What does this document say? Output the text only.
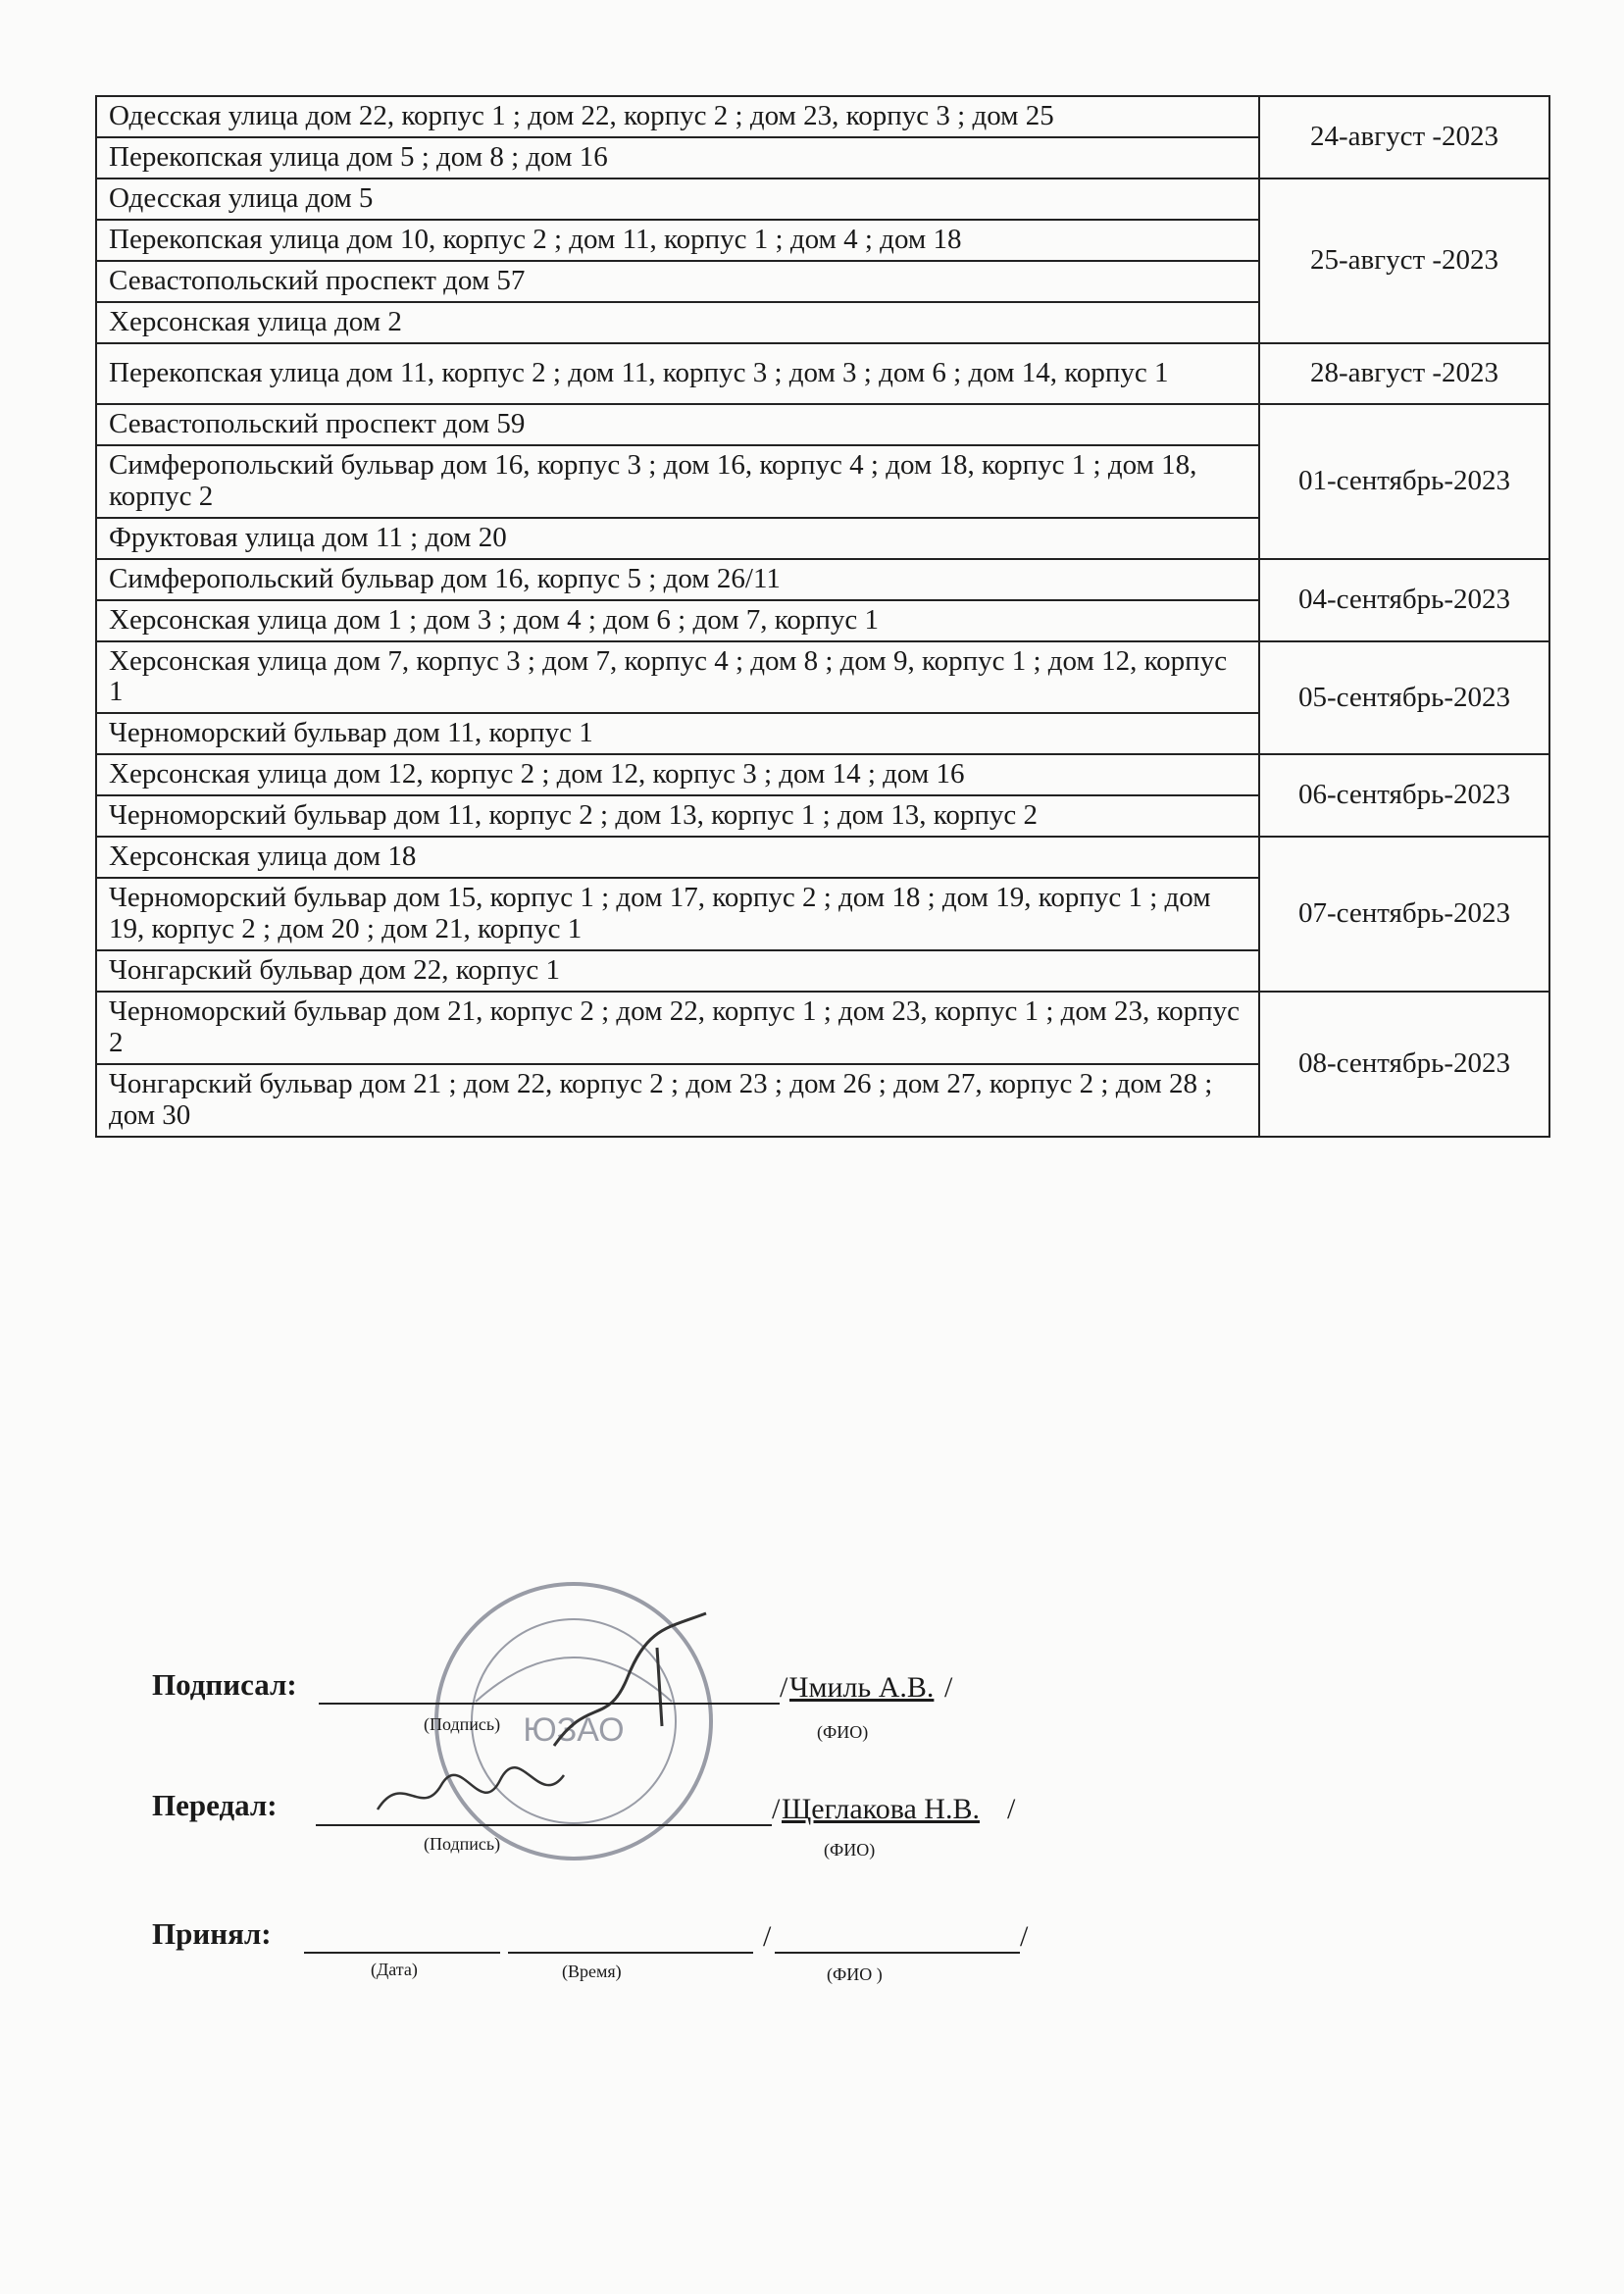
Одесская улица дом 22, корпус 1 ; дом 22, корпус 2 ; дом 23, корпус 3 ; дом 25	24-август -2023
Перекопская улица дом 5 ; дом 8 ; дом 16	
Одесская улица дом 5	25-август -2023
Перекопская улица дом 10, корпус 2 ; дом 11, корпус 1 ; дом 4 ; дом 18	
Севастопольский проспект дом 57	
Херсонская улица дом 2	
Перекопская улица дом 11, корпус 2 ; дом 11, корпус 3 ; дом 3 ; дом 6 ; дом 14, корпус 1	28-август -2023
Севастопольский проспект дом 59	01-сентябрь-2023
Симферопольский бульвар дом 16, корпус 3 ; дом 16, корпус 4 ; дом 18, корпус 1 ; дом 18, корпус 2	
Фруктовая улица дом 11 ; дом 20	
Симферопольский бульвар дом 16, корпус 5 ; дом 26/11	04-сентябрь-2023
Херсонская улица дом 1 ; дом 3 ; дом 4 ; дом 6 ; дом 7, корпус 1	
Херсонская улица дом 7, корпус 3 ; дом 7, корпус 4 ; дом 8 ; дом 9, корпус 1 ; дом 12, корпус 1	05-сентябрь-2023
Черноморский бульвар дом 11, корпус 1	
Херсонская улица дом 12, корпус 2 ; дом 12, корпус 3 ; дом 14 ; дом 16	06-сентябрь-2023
Черноморский бульвар дом 11, корпус 2 ; дом 13, корпус 1 ; дом 13, корпус 2	
Херсонская улица дом 18	07-сентябрь-2023
Черноморский бульвар дом 15, корпус 1 ; дом 17, корпус 2 ; дом 18 ; дом 19, корпус 1 ; дом 19, корпус 2 ; дом 20 ; дом 21, корпус 1	
Чонгарский бульвар дом 22, корпус 1	
Черноморский бульвар дом 21, корпус 2 ; дом 22, корпус 1 ; дом 23, корпус 1 ; дом 23, корпус 2	08-сентябрь-2023
Чонгарский бульвар дом 21 ; дом 22, корпус 2 ; дом 23 ; дом 26 ; дом 27, корпус 2 ; дом 28 ; дом 30	
ЮЗАО
Подписал:
(Подпись)
/ Чмиль А.В. /
(ФИО)
Передал:
(Подпись)
/ Щеглакова Н.В. /
(ФИО)
Принял:	/	/
(Дата)	(Время)	(ФИО )
